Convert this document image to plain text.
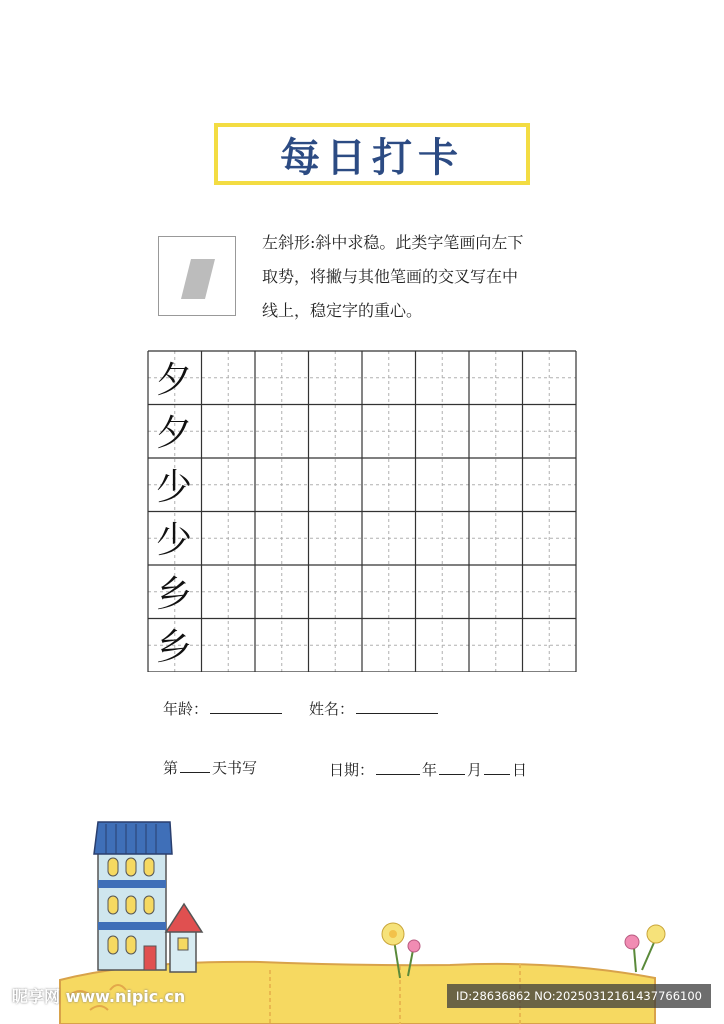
每日打卡
左斜形:斜中求稳。此类字笔画向左下
取势，将撇与其他笔画的交叉写在中
线上，稳定字的重心。
夕
夕
少
少
乡
乡
年龄：	姓名：
第 天书写	日期：	年 月 日
昵享网 www.nipic.cn	ID:28636862 NO:20250312161437766100
